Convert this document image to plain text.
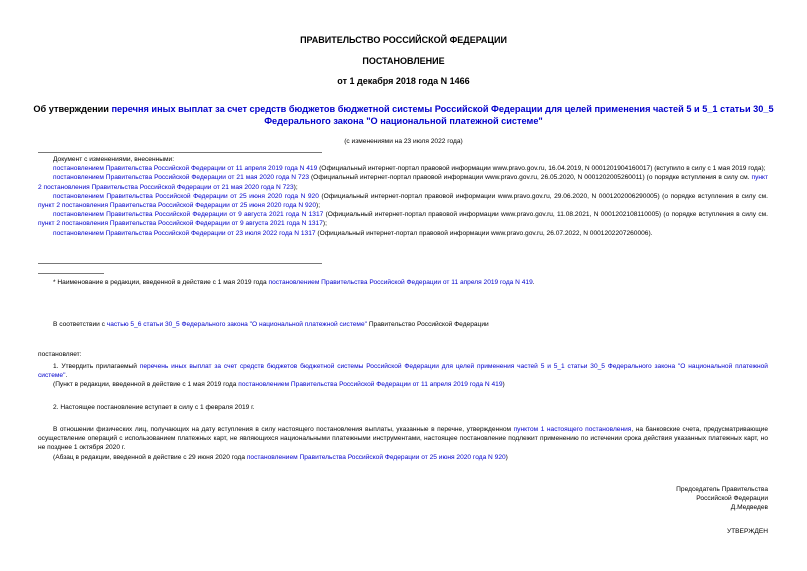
ПРАВИТЕЛЬСТВО РОССИЙСКОЙ ФЕДЕРАЦИИ
ПОСТАНОВЛЕНИЕ
от 1 декабря 2018 года N 1466
Об утверждении перечня иных выплат за счет средств бюджетов бюджетной системы Российской Федерации для целей применения частей 5 и 5_1 статьи 30_5 Федерального закона "О национальной платежной системе"
(с изменениями на 23 июля 2022 года)
Документ с изменениями, внесенными:
постановлением Правительства Российской Федерации от 11 апреля 2019 года N 419 (Официальный интернет-портал правовой информации www.pravo.gov.ru, 16.04.2019, N 0001201904160017) (вступило в силу с 1 мая 2019 года);
постановлением Правительства Российской Федерации от 21 мая 2020 года N 723 (Официальный интернет-портал правовой информации www.pravo.gov.ru, 26.05.2020, N 0001202005260011) (о порядке вступления в силу см. пункт 2 постановления Правительства Российской Федерации от 21 мая 2020 года N 723);
постановлением Правительства Российской Федерации от 25 июня 2020 года N 920 (Официальный интернет-портал правовой информации www.pravo.gov.ru, 29.06.2020, N 0001202006290005) (о порядке вступления в силу см. пункт 2 постановления Правительства Российской Федерации от 25 июня 2020 года N 920);
постановлением Правительства Российской Федерации от 9 августа 2021 года N 1317 (Официальный интернет-портал правовой информации www.pravo.gov.ru, 11.08.2021, N 0001202108110005) (о порядке вступления в силу см. пункт 2 постановления Правительства Российской Федерации от 9 августа 2021 года N 1317);
постановлением Правительства Российской Федерации от 23 июля 2022 года N 1317 (Официальный интернет-портал правовой информации www.pravo.gov.ru, 26.07.2022, N 0001202207260006).
* Наименование в редакции, введенной в действие с 1 мая 2019 года постановлением Правительства Российской Федерации от 11 апреля 2019 года N 419.
В соответствии с частью 5_6 статьи 30_5 Федерального закона "О национальной платежной системе" Правительство Российской Федерации
постановляет:
1. Утвердить прилагаемый перечень иных выплат за счет средств бюджетов бюджетной системы Российской Федерации для целей применения частей 5 и 5_1 статьи 30_5 Федерального закона "О национальной платежной системе".
(Пункт в редакции, введенной в действие с 1 мая 2019 года постановлением Правительства Российской Федерации от 11 апреля 2019 года N 419)
2. Настоящее постановление вступает в силу с 1 февраля 2019 г.
В отношении физических лиц, получающих на дату вступления в силу настоящего постановления выплаты, указанные в перечне, утвержденном пунктом 1 настоящего постановления, на банковские счета, предусматривающие осуществление операций с использованием платежных карт, не являющихся национальными платежными инструментами, настоящее постановление подлежит применению по истечении срока действия указанных платежных карт, но не позднее 1 октября 2020 г.
(Абзац в редакции, введенной в действие с 29 июня 2020 года постановлением Правительства Российской Федерации от 25 июня 2020 года N 920)
Председатель Правительства
Российской Федерации
Д.Медведев
УТВЕРЖДЕН
